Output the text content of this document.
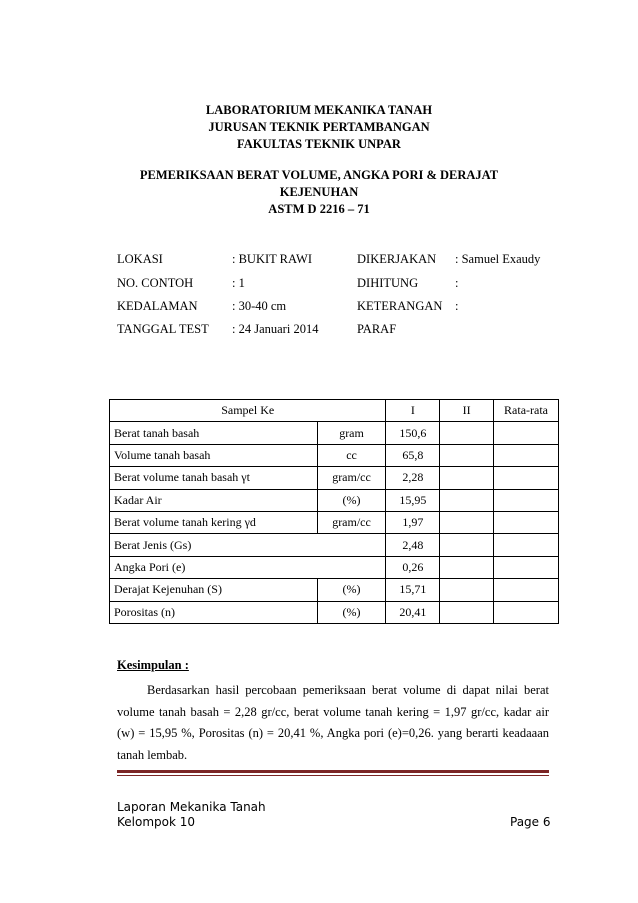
LABORATORIUM MEKANIKA TANAH
JURUSAN TEKNIK PERTAMBANGAN
FAKULTAS TEKNIK UNPAR
PEMERIKSAAN BERAT VOLUME, ANGKA PORI & DERAJAT
KEJENUHAN
ASTM D 2216 – 71
LOKASI	: BUKIT RAWI
NO. CONTOH	: 1
KEDALAMAN	: 30-40 cm
TANGGAL TEST : 24 Januari 2014
DIKERJAKAN : Samuel Exaudy
DIHITUNG	:
KETERANGAN :
PARAF
Sampel Ke		I	II	Rata-rata
Berat tanah basah	gram	150,6		
Volume tanah basah	cc	65,8		
Berat volume tanah basah γt	gram/cc	2,28		
Kadar Air	(%)	15,95		
Berat volume tanah kering γd	gram/cc	1,97		
Berat Jenis (Gs)		2,48		
Angka Pori (e)		0,26		
Derajat Kejenuhan (S)	(%)	15,71		
Porositas (n)	(%)	20,41		
Kesimpulan :
Berdasarkan hasil percobaan pemeriksaan berat volume di dapat nilai berat volume tanah basah = 2,28 gr/cc, berat volume tanah kering = 1,97 gr/cc, kadar air (w) = 15,95 %, Porositas (n) = 20,41 %, Angka pori (e)=0,26. yang berarti keadaaan tanah lembab.
Laporan Mekanika Tanah
Kelompok 10	Page 6
